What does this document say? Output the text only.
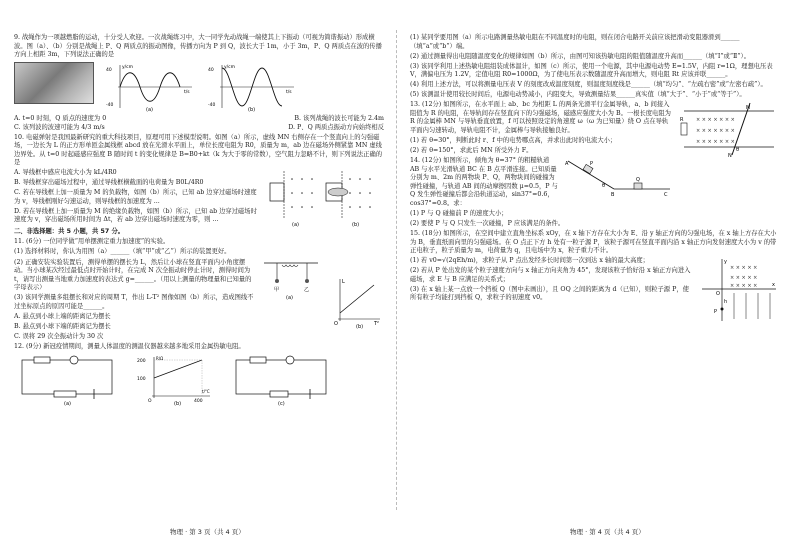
9. 战绳作为一项越燃脂的运动，十分受人欢迎。一次战绳练习中，大一同学先动战绳一端使其上下振动（可视为简谐振动）形成横波。图（a）、（b）分别是战绳上 P、Q 两质点的振动图像，传播方向为 P 到 Q，波长大于 1m，小于 3m，P、Q 两质点在波的传播方向上相距 3m，下列说法正确的是

40
-40
y/cm
t/s
(a)
40
-40
y/cm
t/s
(b)
A. t=0 时刻，Q 质点的速度为 0	B. 该列战绳的波长可能为 2.4m
C. 该列波的波速可能为 4/3 m/s	D. P、Q 两质点振动方向始终相反

10. 电磁弹射是我国最新研究的重大科技项目，原理可用下述模型说明。如图（a）所示，虚线 MN 右侧存在一个竖直向上的匀强磁场，一边长为 L 的正方形单匝金属线框 abcd 放在光滑水平面上，单位长度电阻为 R0，质量为 m，ab 边在磁场外侧紧靠 MN 虚线边界处。从 t=0 时起磁感应强度 B 随时间 t 的变化规律是 B=B0+kt（k 为大于零的常数），空气阻力忽略不计，则下列说法正确的是

(a)	(b)

A. 导线框中感应电流大小为 kL/4R0

B. 导线框穿出磁场过程中，通过导线框横截面的电荷量为 B0L/4R0

C. 若在导线框上加一质量为 M 的负载物，如图（b）所示，已知 ab 边穿过磁场时速度为 v，导线框刚好匀速运动，则导线框的加速度为 ...

D. 若在导线框上加一质量为 M 的绝缘负载物，如图（b）所示，已知 ab 边穿过磁场时速度为 v，穿出磁场所用时间为 Δt，若 ab 边穿出磁场时速度为零，则 ...

二、非选择题：共 5 小题，共 57 分。

11. (6分) 一位同学做“用单摆测定重力加速度”的实验。

(1) 选择材料时，你认为用图（a）______（填“甲”或“乙”）所示的装置更好。

甲	乙
(a)
L
T²
O	(b)

(2) 正确安装实验装置后，测得单摆的摆长为 L，然后让小球在竖直平面内小角度摆动。当小球某次经过最低点时开始计时，在完成 N 次全振动时停止计时，测得时间为 t，请写出测量当地重力加速度的表达式 g=______。（用以上测量的物理量和已知量的字母表示）

(3) 该同学测量多组摆长和对应的周期 T，作出 L-T² 图像如图（b）所示，造成图线不过坐标原点的原因可能是______。

A. 悬点到小球上端的距离记为摆长

B. 悬点到小球下端的距离记为摆长

C. 误将 29 次全振动计为 30 次

12. (9分) 新冠疫情期间，测量人体温度的测温仪器越来越多地采用金属热敏电阻。

(a)
200
100
400
O
R/Ω
t/°C
(b)	(c)
物理 · 第 3 页（共 4 页）

(1) 某同学要用图（a）所示电路测量热敏电阻在不同温度时的电阻，则在闭合电路开关前应该把滑动变阻器滑到______（填“a”或“b”）端。

(2) 通过测量得出电阻随温度变化的规律如图（b）所示，由图可知该热敏电阻的阻值随温度升高而______（填“Ⅰ”或“Ⅱ”）。

(3) 该同学利用上述热敏电阻组装成体温计，如图（c）所示，使用一个电源，其中电源电动势 E=1.5V，内阻 r=1Ω，理想电压表 V，满偏电压为 1.2V，定值电阻 R0=1000Ω，为了使电压表示数随温度升高而增大，则电阻 Rt 应该并联______。

(4) 利用上述方法，可以将测量电压表 V 的刻度改成温度刻度，则温度刻度线是______（填“均匀”、“左疏右密”或“左密右疏”）。

(5) 该测温计使用较长时间后，电源电动势减小，内阻变大，导致测量结果______真实值（填“大于”、“小于”或“等于”）。

× × × × × × ×
× × × × × × ×
× × × × × × ×
M
N
R
θ

13. (12分) 如图所示，在水平面上 ab、bc 为相距 L 的两条光滑平行金属导轨，a、b 间接入阻值为 R 的电阻，在导轨间存在竖直向下的匀强磁场，磁感应强度大小为 B。一根长度电阻为 R 的金属棒 MN 与导轨垂直放置，f 可以按照设定的角速度 ω（ω 为已知量）绕 O 点在导轨平面内匀速转动，导轨电阻不计，金属棒与导轨接触良好。

(1) 若 θ=30°，判断此时 r、f 中的电势哪点高，并求出此时的电流大小；

(2) 若 θ=150°，求此后 MN 所受外力 F。

A
B	C
P
Q
θ

14. (12分) 如图所示，倾角为 θ=37° 的粗糙轨道 AB 与水平光滑轨道 BC 在 B 点平滑连接。已知质量分别为 m、2m 的两物块 P、Q，两物块间的碰撞为弹性碰撞，与轨道 AB 间的动摩擦因数 μ=0.5，P 与 Q 发生弹性碰撞后都会沿轨道运动，sin37°=0.6，cos37°=0.8。求：

(1) P 与 Q 碰撞前 P 的速度大小；

(2) 要使 P 与 Q 只发生一次碰撞，P 应该满足的条件。

15. (18分) 如图所示，在空间中建立直角坐标系 xOy，在 x 轴下方存在大小为 E、沿 y 轴正方向的匀强电场，在 x 轴上方存在大小为 B，垂直纸面向里的匀强磁场。在 O 点正下方 h 处有一粒子源 P，该粒子源可在竖直平面内沿 x 轴正方向发射速度大小为 v 的带正电粒子，粒子质量为 m，电荷量为 q，且电场中为 x，粒子重力不计。

× × × × ×
× × × × ×
× × × × ×	x
y
O
P
h

(1) 若 v0=√(2qEh/m)，求粒子从 P 点出发经多长时间第一次到达 x 轴的最大高度；

(2) 若从 P 处出发的某个粒子速度方向与 x 轴正方向夹角为 45°，发现该粒子恰好沿 x 轴正方向进入磁场，求 E 与 B 应满足的关系式；

(3) 在 x 轴上某一点放一个挡板 Q（图中未画出），且 OQ 之间的距离为 d（已知），则粒子源 P，使所有粒子均能打到挡板 Q，求粒子的初速度 v0。

物理 · 第 4 页（共 4 页）
